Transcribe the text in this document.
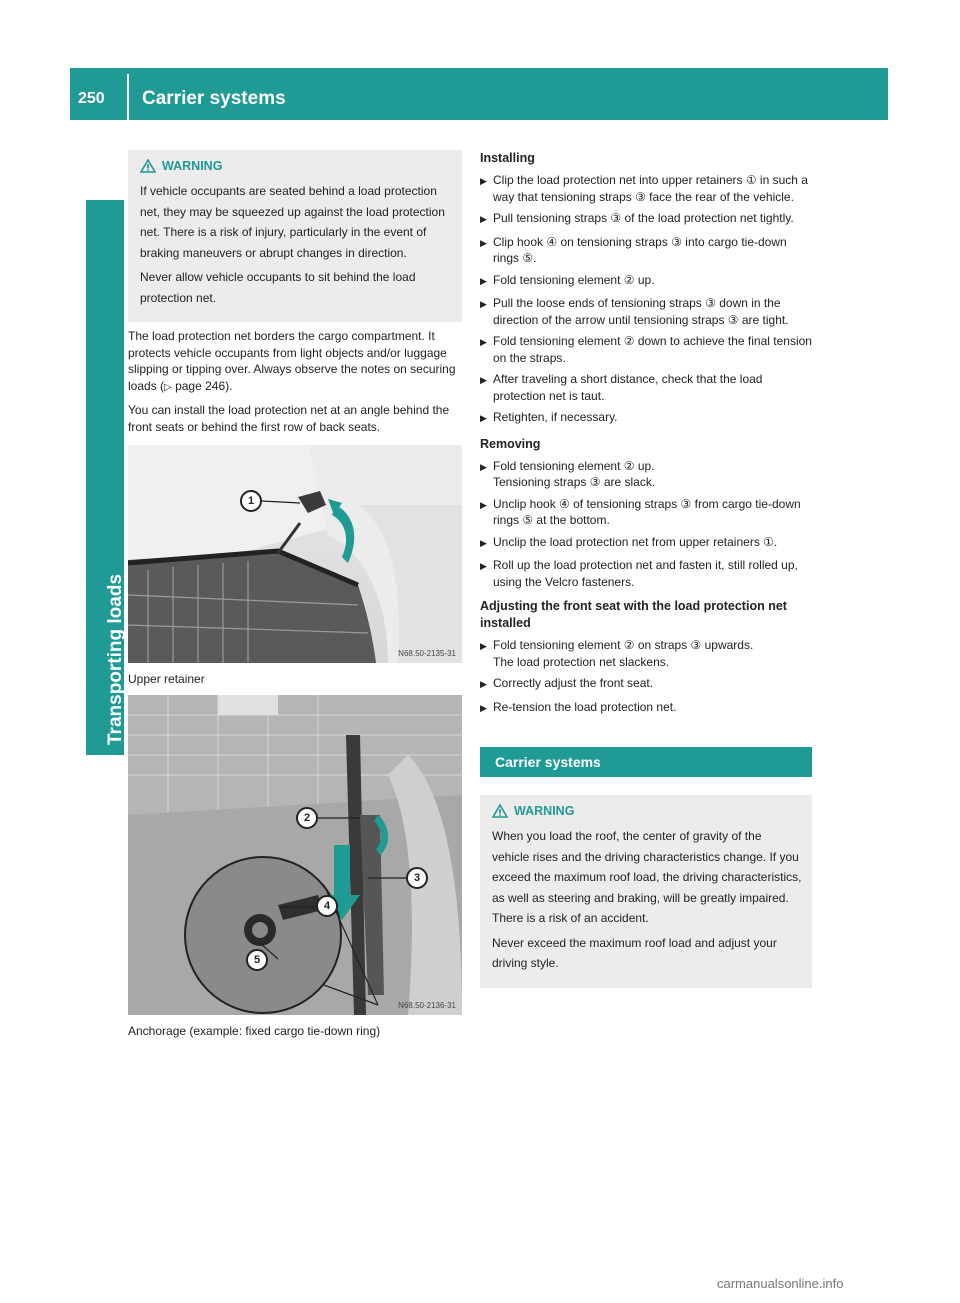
250 Carrier systems
Transporting loads
WARNING

If vehicle occupants are seated behind a load protection net, they may be squeezed up against the load protection net. There is a risk of injury, particularly in the event of braking maneuvers or abrupt changes in direction.

Never allow vehicle occupants to sit behind the load protection net.

The load protection net borders the cargo compartment. It protects vehicle occupants from light objects and/or luggage slipping or tipping over. Always observe the notes on securing loads (▷ page 246).

You can install the load protection net at an angle behind the front seats or behind the first row of back seats.

1
N68.50-2135-31
Upper retainer
2
3
4
5
N68.50-2136-31
Anchorage (example: fixed cargo tie-down ring)
Installing
▶ Clip the load protection net into upper retainers ① in such a way that tensioning straps ③ face the rear of the vehicle.
▶ Pull tensioning straps ③ of the load protection net tightly.
▶ Clip hook ④ on tensioning straps ③ into cargo tie-down rings ⑤.
▶ Fold tensioning element ② up.
▶ Pull the loose ends of tensioning straps ③ down in the direction of the arrow until tensioning straps ③ are tight.
▶ Fold tensioning element ② down to achieve the final tension on the straps.
▶ After traveling a short distance, check that the load protection net is taut.
▶ Retighten, if necessary.
Removing
▶ Fold tensioning element ② up.
Tensioning straps ③ are slack.
▶ Unclip hook ④ of tensioning straps ③ from cargo tie-down rings ⑤ at the bottom.
▶ Unclip the load protection net from upper retainers ①.
▶ Roll up the load protection net and fasten it, still rolled up, using the Velcro fasteners.
Adjusting the front seat with the load protection net installed
▶ Fold tensioning element ② on straps ③ upwards.
The load protection net slackens.
▶ Correctly adjust the front seat.
▶ Re-tension the load protection net.
Carrier systems
WARNING

When you load the roof, the center of gravity of the vehicle rises and the driving characteristics change. If you exceed the maximum roof load, the driving characteristics, as well as steering and braking, will be greatly impaired. There is a risk of an accident.

Never exceed the maximum roof load and adjust your driving style.

carmanualsonline.info
